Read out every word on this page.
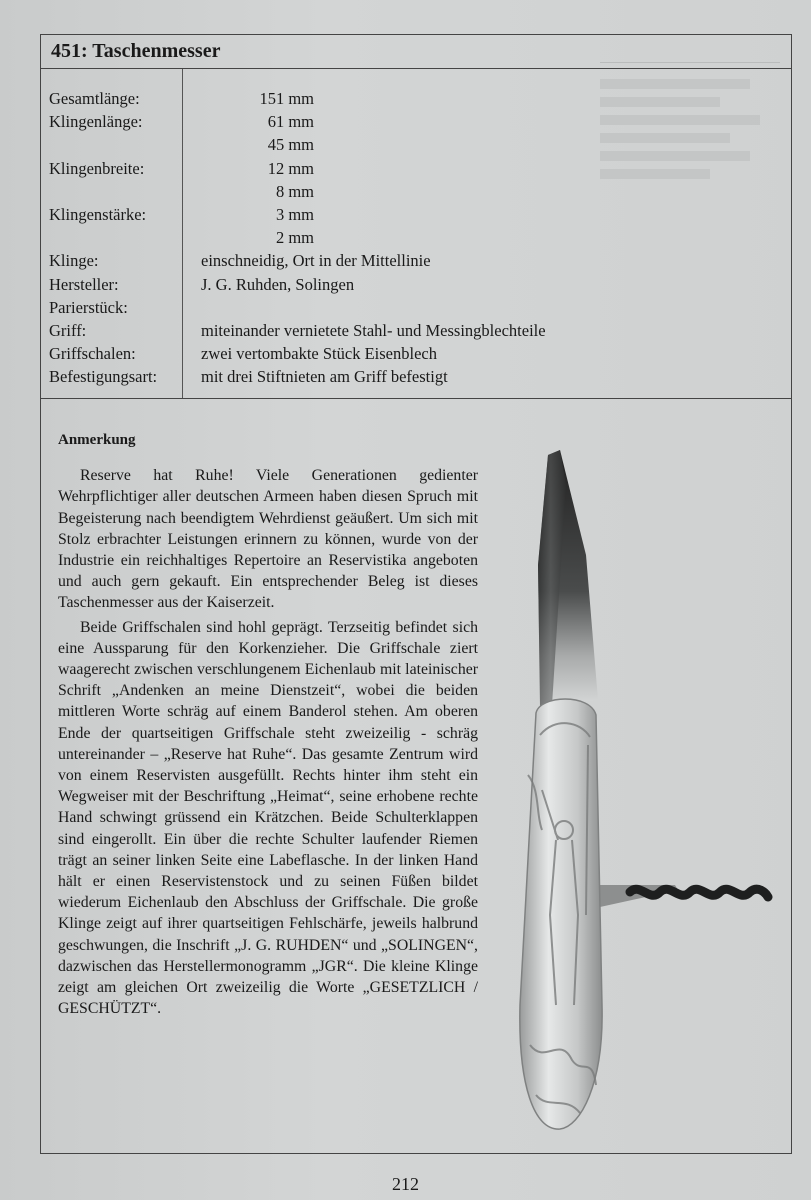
451: Taschenmesser
Gesamtlänge:	151 mm
Klingenlänge:	61 mm
45 mm
Klingenbreite:	12 mm
8 mm
Klingenstärke:	3 mm
2 mm
Klinge:	einschneidig, Ort in der Mittellinie
Hersteller:	J. G. Ruhden, Solingen
Parierstück:
Griff:	miteinander vernietete Stahl- und Messingblechteile
Griffschalen:	zwei vertombakte Stück Eisenblech
Befestigungsart:	mit drei Stiftnieten am Griff befestigt
Anmerkung

Reserve hat Ruhe! Viele Generationen gedienter Wehrpflichtiger aller deutschen Armeen haben diesen Spruch mit Begeisterung nach beendigtem Wehrdienst geäußert. Um sich mit Stolz erbrachter Leistungen erinnern zu können, wurde von der Industrie ein reichhaltiges Repertoire an Reservistika angeboten und auch gern gekauft. Ein entsprechender Beleg ist dieses Taschenmesser aus der Kaiserzeit.

Beide Griffschalen sind hohl geprägt. Terzseitig befindet sich eine Aussparung für den Korkenzieher. Die Griffschale ziert waagerecht zwischen verschlungenem Eichenlaub mit lateinischer Schrift „Andenken an meine Dienstzeit“, wobei die beiden mittleren Worte schräg auf einem Banderol stehen. Am oberen Ende der quartseitigen Griffschale steht zweizeilig - schräg untereinander – „Reserve hat Ruhe“. Das gesamte Zentrum wird von einem Reservisten ausgefüllt. Rechts hinter ihm steht ein Wegweiser mit der Beschriftung „Heimat“, seine erhobene rechte Hand schwingt grüssend ein Krätzchen. Beide Schulterklappen sind eingerollt. Ein über die rechte Schulter laufender Riemen trägt an seiner linken Seite eine Labeflasche. In der linken Hand hält er einen Reservistenstock und zu seinen Füßen bildet wiederum Eichenlaub den Abschluss der Griffschale. Die große Klinge zeigt auf ihrer quartseitigen Fehlschärfe, jeweils halbrund geschwungen, die Inschrift „J. G. RUHDEN“ und „SOLINGEN“, dazwischen das Herstellermonogramm „JGR“. Die kleine Klinge zeigt am gleichen Ort zweizeilig die Worte „GESETZLICH / GESCHÜTZT“.

212
